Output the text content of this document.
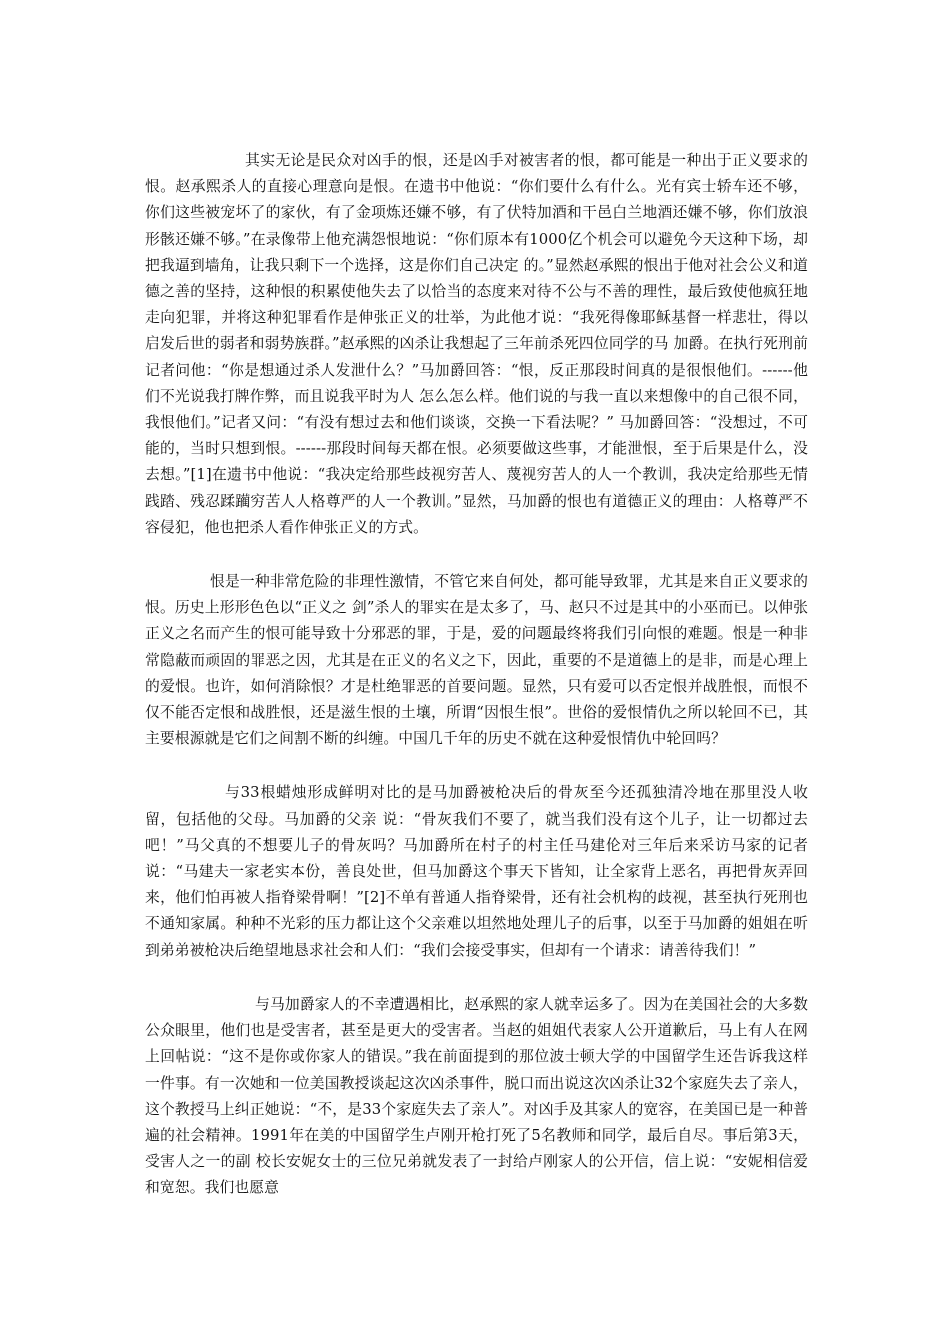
其实无论是民众对凶手的恨，还是凶手对被害者的恨，都可能是一种出于正义要求的恨。赵承熙杀人的直接心理意向是恨。在遗书中他说：“你们要什么有什么。光有宾士轿车还不够，你们这些被宠坏了的家伙，有了金项炼还嫌不够，有了伏特加酒和干邑白兰地酒还嫌不够，你们放浪形骸还嫌不够。”在录像带上他充满怨恨地说：“你们原本有1000亿个机会可以避免今天这种下场，却把我逼到墙角，让我只剩下一个选择，这是你们自己决定 的。”显然赵承熙的恨出于他对社会公义和道德之善的坚持，这种恨的积累使他失去了以恰当的态度来对待不公与不善的理性，最后致使他疯狂地走向犯罪，并将这种犯罪看作是伸张正义的壮举，为此他才说：“我死得像耶稣基督一样悲壮，得以启发后世的弱者和弱势族群。”赵承熙的凶杀让我想起了三年前杀死四位同学的马 加爵。在执行死刑前记者问他：“你是想通过杀人发泄什么？”马加爵回答：“恨，反正那段时间真的是很恨他们。------他们不光说我打牌作弊，而且说我平时为人 怎么怎么样。他们说的与我一直以来想像中的自己很不同，我恨他们。”记者又问：“有没有想过去和他们谈谈，交换一下看法呢？” 马加爵回答：“没想过，不可能的，当时只想到恨。------那段时间每天都在恨。必须要做这些事，才能泄恨，至于后果是什么，没去想。”[1]在遗书中他说：“我决定给那些歧视穷苦人、蔑视穷苦人的人一个教训，我决定给那些无情践踏、残忍蹂躏穷苦人人格尊严的人一个教训。”显然，马加爵的恨也有道德正义的理由：人格尊严不容侵犯，他也把杀人看作伸张正义的方式。

恨是一种非常危险的非理性激情，不管它来自何处，都可能导致罪，尤其是来自正义要求的恨。历史上形形色色以“正义之 剑”杀人的罪实在是太多了，马、赵只不过是其中的小巫而已。以伸张正义之名而产生的恨可能导致十分邪恶的罪，于是，爱的问题最终将我们引向恨的难题。恨是一种非常隐蔽而顽固的罪恶之因，尤其是在正义的名义之下，因此，重要的不是道德上的是非，而是心理上的爱恨。也许，如何消除恨？才是杜绝罪恶的首要问题。显然，只有爱可以否定恨并战胜恨，而恨不仅不能否定恨和战胜恨，还是滋生恨的土壤，所谓“因恨生恨”。世俗的爱恨情仇之所以轮回不已，其主要根源就是它们之间割不断的纠缠。中国几千年的历史不就在这种爱恨情仇中轮回吗？

与33根蜡烛形成鲜明对比的是马加爵被枪决后的骨灰至今还孤独清冷地在那里没人收留，包括他的父母。马加爵的父亲 说：“骨灰我们不要了，就当我们没有这个儿子，让一切都过去吧！”马父真的不想要儿子的骨灰吗？马加爵所在村子的村主任马建伦对三年后来采访马家的记者说：“马建夫一家老实本份，善良处世，但马加爵这个事天下皆知，让全家背上恶名，再把骨灰弄回来，他们怕再被人指脊梁骨啊！”[2]不单有普通人指脊梁骨，还有社会机构的歧视，甚至执行死刑也不通知家属。种种不光彩的压力都让这个父亲难以坦然地处理儿子的后事，以至于马加爵的姐姐在听到弟弟被枪决后绝望地恳求社会和人们：“我们会接受事实，但却有一个请求：请善待我们！”

与马加爵家人的不幸遭遇相比，赵承熙的家人就幸运多了。因为在美国社会的大多数公众眼里，他们也是受害者，甚至是更大的受害者。当赵的姐姐代表家人公开道歉后，马上有人在网上回帖说：“这不是你或你家人的错误。”我在前面提到的那位波士顿大学的中国留学生还告诉我这样 一件事。有一次她和一位美国教授谈起这次凶杀事件，脱口而出说这次凶杀让32个家庭失去了亲人，这个教授马上纠正她说：“不，是33个家庭失去了亲人”。对凶手及其家人的宽容，在美国已是一种普遍的社会精神。1991年在美的中国留学生卢刚开枪打死了5名教师和同学，最后自尽。事后第3天，受害人之一的副 校长安妮女士的三位兄弟就发表了一封给卢刚家人的公开信，信上说：“安妮相信爱和宽恕。我们也愿意
